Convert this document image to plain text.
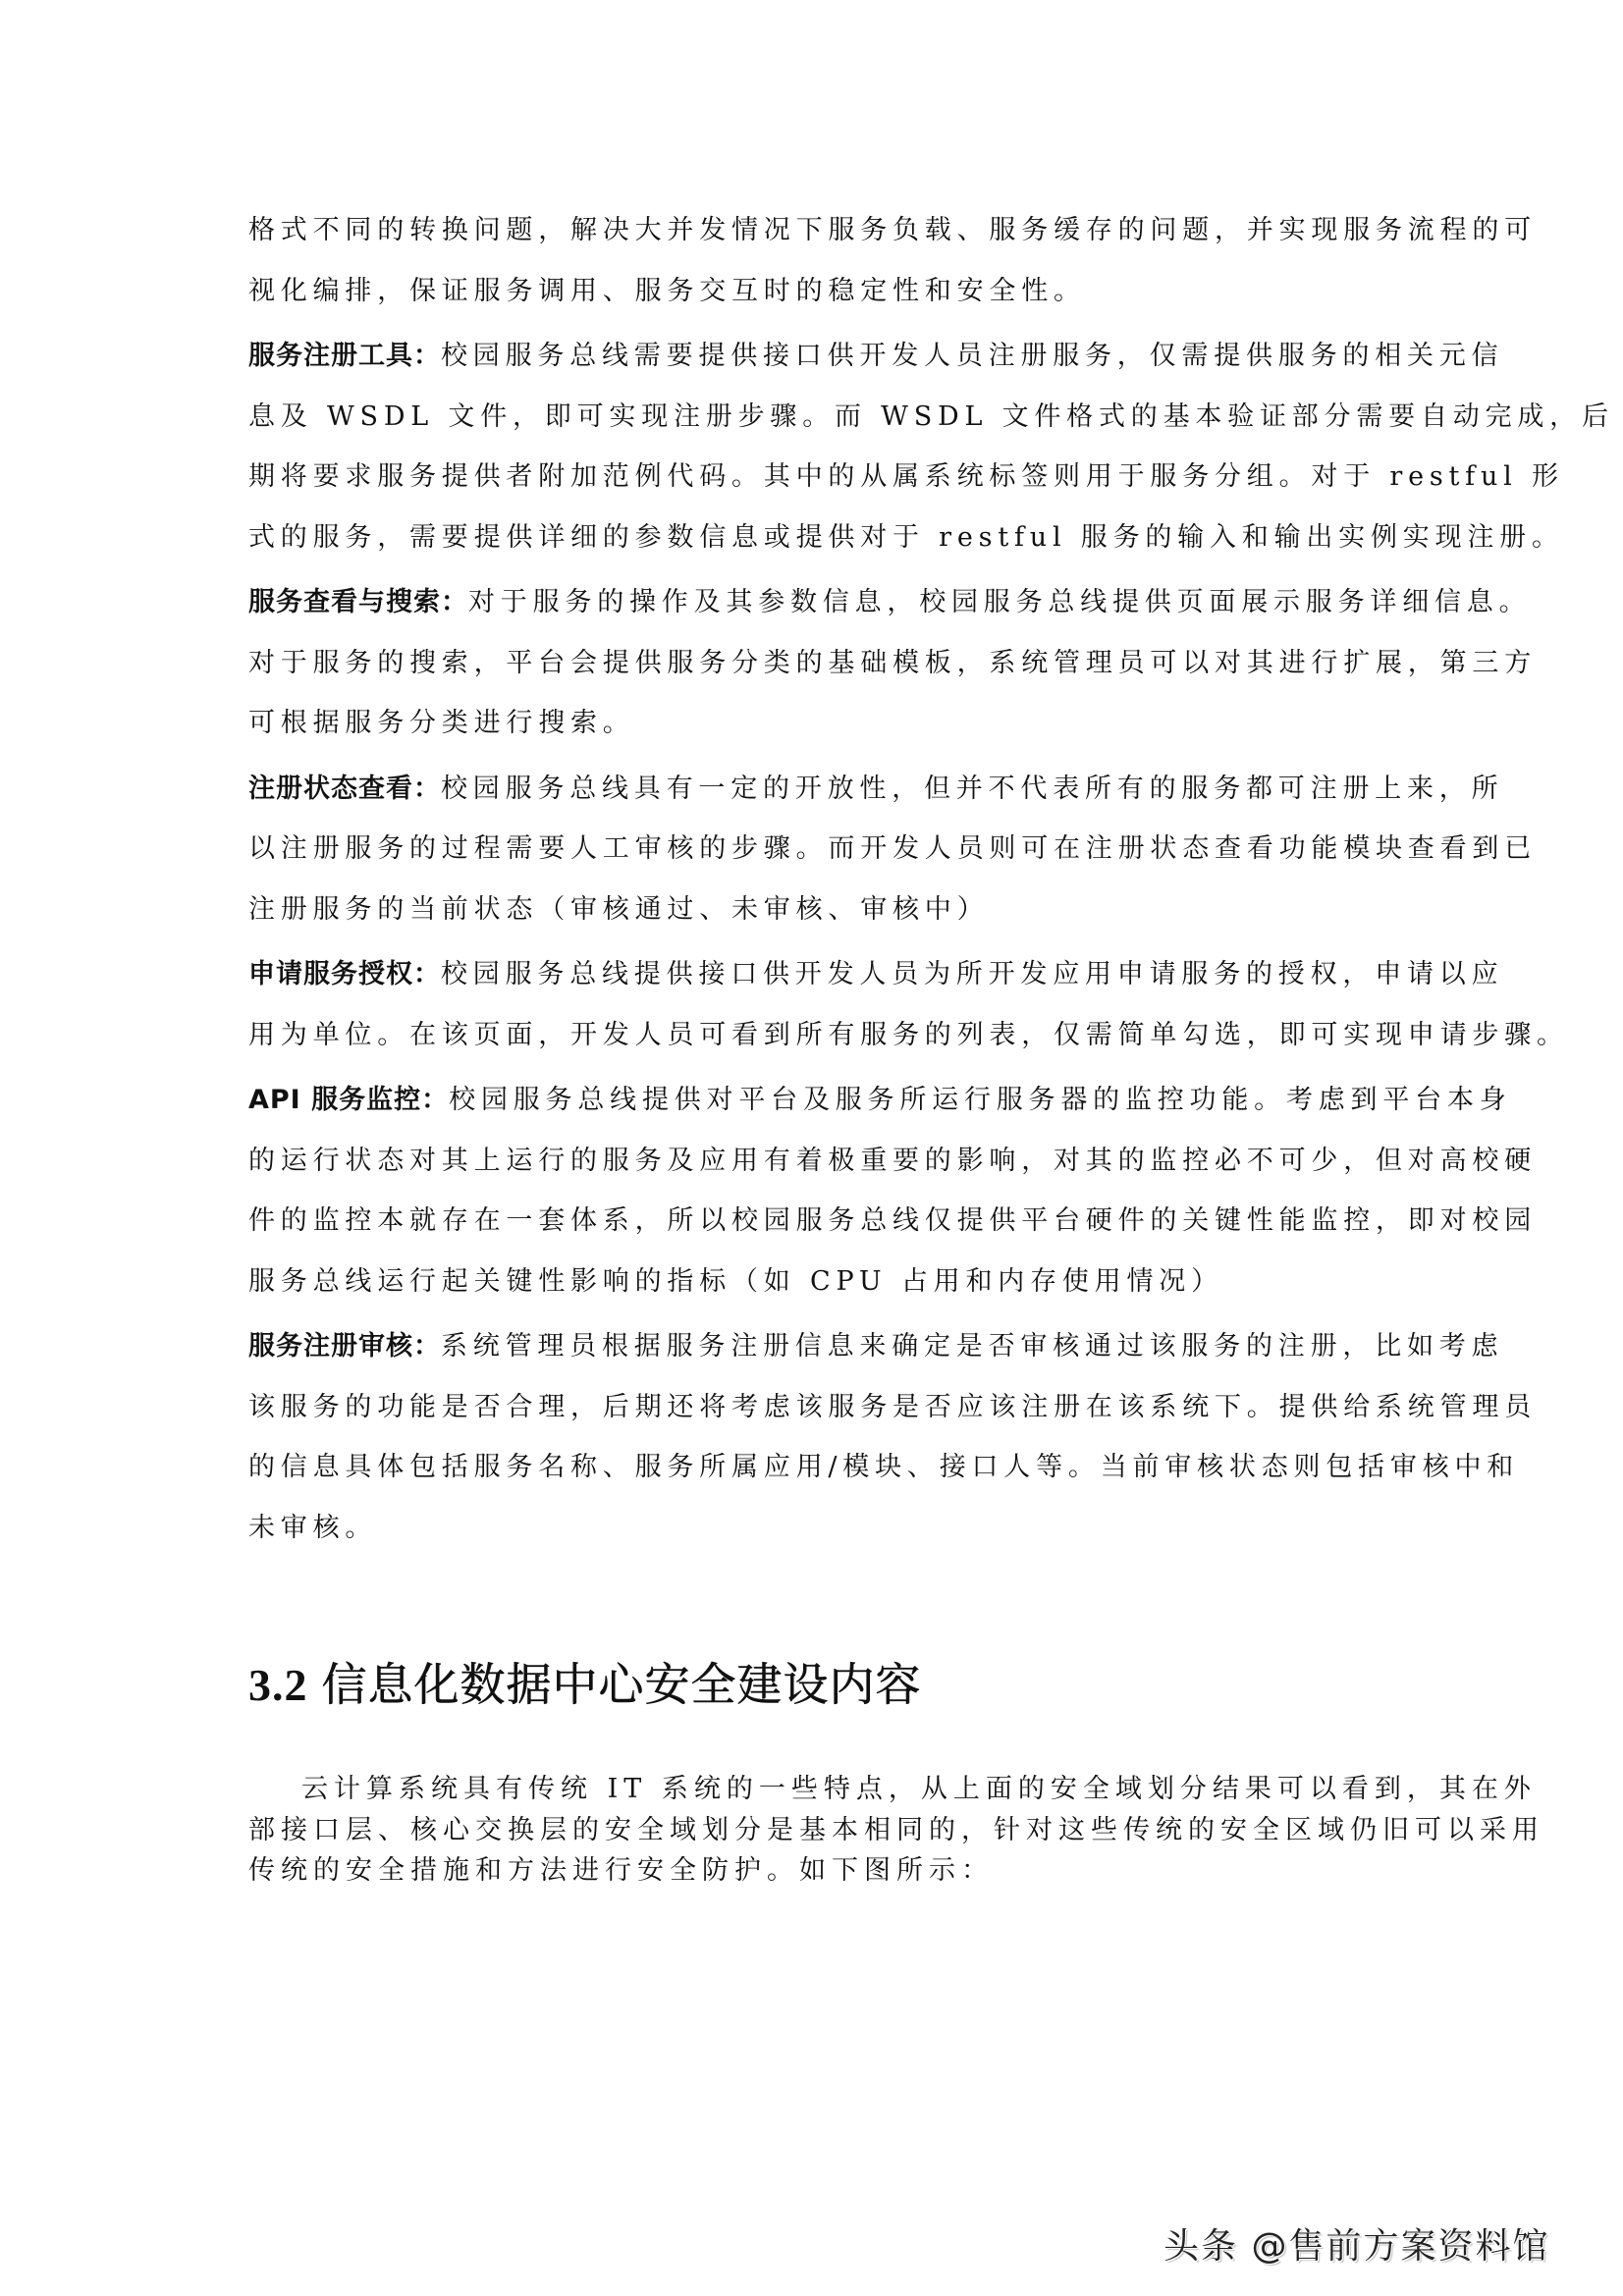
格式不同的转换问题，解决大并发情况下服务负载、服务缓存的问题，并实现服务流程的可
视化编排，保证服务调用、服务交互时的稳定性和安全性。
服务注册工具：校园服务总线需要提供接口供开发人员注册服务，仅需提供服务的相关元信
息及 WSDL 文件，即可实现注册步骤。而 WSDL 文件格式的基本验证部分需要自动完成，后
期将要求服务提供者附加范例代码。其中的从属系统标签则用于服务分组。对于 restful 形
式的服务，需要提供详细的参数信息或提供对于 restful 服务的输入和输出实例实现注册。
服务查看与搜索：对于服务的操作及其参数信息，校园服务总线提供页面展示服务详细信息。
对于服务的搜索，平台会提供服务分类的基础模板，系统管理员可以对其进行扩展，第三方
可根据服务分类进行搜索。
注册状态查看：校园服务总线具有一定的开放性，但并不代表所有的服务都可注册上来，所
以注册服务的过程需要人工审核的步骤。而开发人员则可在注册状态查看功能模块查看到已
注册服务的当前状态（审核通过、未审核、审核中）
申请服务授权：校园服务总线提供接口供开发人员为所开发应用申请服务的授权，申请以应
用为单位。在该页面，开发人员可看到所有服务的列表，仅需简单勾选，即可实现申请步骤。
API 服务监控：校园服务总线提供对平台及服务所运行服务器的监控功能。考虑到平台本身
的运行状态对其上运行的服务及应用有着极重要的影响，对其的监控必不可少，但对高校硬
件的监控本就存在一套体系，所以校园服务总线仅提供平台硬件的关键性能监控，即对校园
服务总线运行起关键性影响的指标（如 CPU 占用和内存使用情况）
服务注册审核：系统管理员根据服务注册信息来确定是否审核通过该服务的注册，比如考虑
该服务的功能是否合理，后期还将考虑该服务是否应该注册在该系统下。提供给系统管理员
的信息具体包括服务名称、服务所属应用/模块、接口人等。当前审核状态则包括审核中和
未审核。
3.2 信息化数据中心安全建设内容
云计算系统具有传统 IT 系统的一些特点，从上面的安全域划分结果可以看到，其在外
部接口层、核心交换层的安全域划分是基本相同的，针对这些传统的安全区域仍旧可以采用
传统的安全措施和方法进行安全防护。如下图所示：
头条 @售前方案资料馆
